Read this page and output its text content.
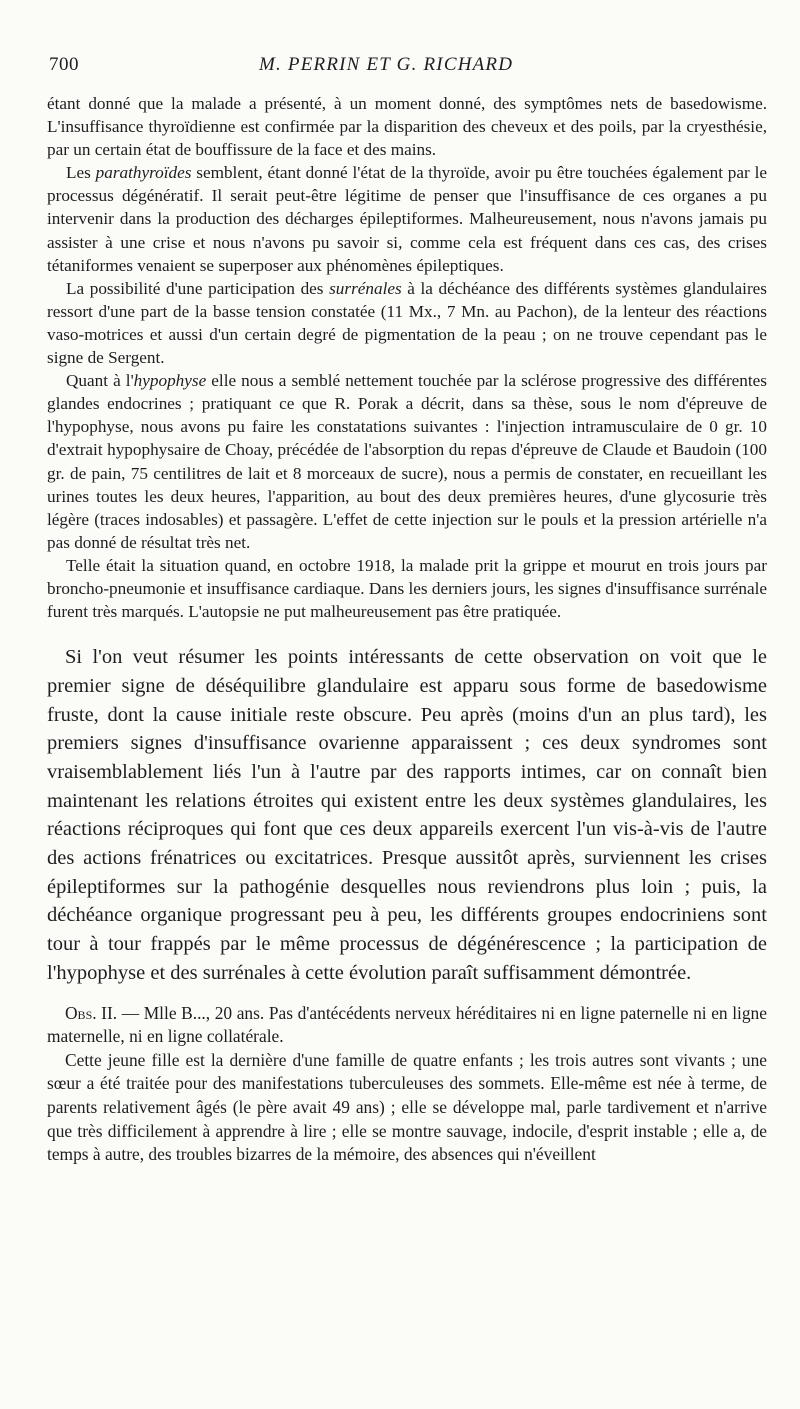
700	M. PERRIN ET G. RICHARD

étant donné que la malade a présenté, à un moment donné, des symptômes nets de basedowisme. L'insuffisance thyroïdienne est confirmée par la disparition des cheveux et des poils, par la cryesthésie, par un certain état de bouffissure de la face et des mains.

Les parathyroïdes semblent, étant donné l'état de la thyroïde, avoir pu être touchées également par le processus dégénératif. Il serait peut-être légitime de penser que l'insuffisance de ces organes a pu intervenir dans la production des décharges épileptiformes. Malheureusement, nous n'avons jamais pu assister à une crise et nous n'avons pu savoir si, comme cela est fréquent dans ces cas, des crises tétaniformes venaient se superposer aux phénomènes épileptiques.

La possibilité d'une participation des surrénales à la déchéance des différents systèmes glandulaires ressort d'une part de la basse tension constatée (11 Mx., 7 Mn. au Pachon), de la lenteur des réactions vaso-motrices et aussi d'un certain degré de pigmentation de la peau ; on ne trouve cependant pas le signe de Sergent.

Quant à l'hypophyse elle nous a semblé nettement touchée par la sclérose progressive des différentes glandes endocrines ; pratiquant ce que R. Porak a décrit, dans sa thèse, sous le nom d'épreuve de l'hypophyse, nous avons pu faire les constatations suivantes : l'injection intramusculaire de 0 gr. 10 d'extrait hypophysaire de Choay, précédée de l'absorption du repas d'épreuve de Claude et Baudoin (100 gr. de pain, 75 centilitres de lait et 8 morceaux de sucre), nous a permis de constater, en recueillant les urines toutes les deux heures, l'apparition, au bout des deux premières heures, d'une glycosurie très légère (traces indosables) et passagère. L'effet de cette injection sur le pouls et la pression artérielle n'a pas donné de résultat très net.

Telle était la situation quand, en octobre 1918, la malade prit la grippe et mourut en trois jours par broncho-pneumonie et insuffisance cardiaque. Dans les derniers jours, les signes d'insuffisance surrénale furent très marqués. L'autopsie ne put malheureusement pas être pratiquée.

Si l'on veut résumer les points intéressants de cette observation on voit que le premier signe de déséquilibre glandulaire est apparu sous forme de basedowisme fruste, dont la cause initiale reste obscure. Peu après (moins d'un an plus tard), les premiers signes d'insuffisance ovarienne apparaissent ; ces deux syndromes sont vraisemblablement liés l'un à l'autre par des rapports intimes, car on connaît bien maintenant les relations étroites qui existent entre les deux systèmes glandulaires, les réactions réciproques qui font que ces deux appareils exercent l'un vis-à-vis de l'autre des actions frénatrices ou excitatrices. Presque aussitôt après, surviennent les crises épileptiformes sur la pathogénie desquelles nous reviendrons plus loin ; puis, la déchéance organique progressant peu à peu, les différents groupes endocriniens sont tour à tour frappés par le même processus de dégénérescence ; la participation de l'hypophyse et des surrénales à cette évolution paraît suffisamment démontrée.

Obs. II. — Mlle B..., 20 ans. Pas d'antécédents nerveux héréditaires ni en ligne paternelle ni en ligne maternelle, ni en ligne collatérale.

Cette jeune fille est la dernière d'une famille de quatre enfants ; les trois autres sont vivants ; une sœur a été traitée pour des manifestations tuberculeuses des sommets. Elle-même est née à terme, de parents relativement âgés (le père avait 49 ans) ; elle se développe mal, parle tardivement et n'arrive que très difficilement à apprendre à lire ; elle se montre sauvage, indocile, d'esprit instable ; elle a, de temps à autre, des troubles bizarres de la mémoire, des absences qui n'éveillent
